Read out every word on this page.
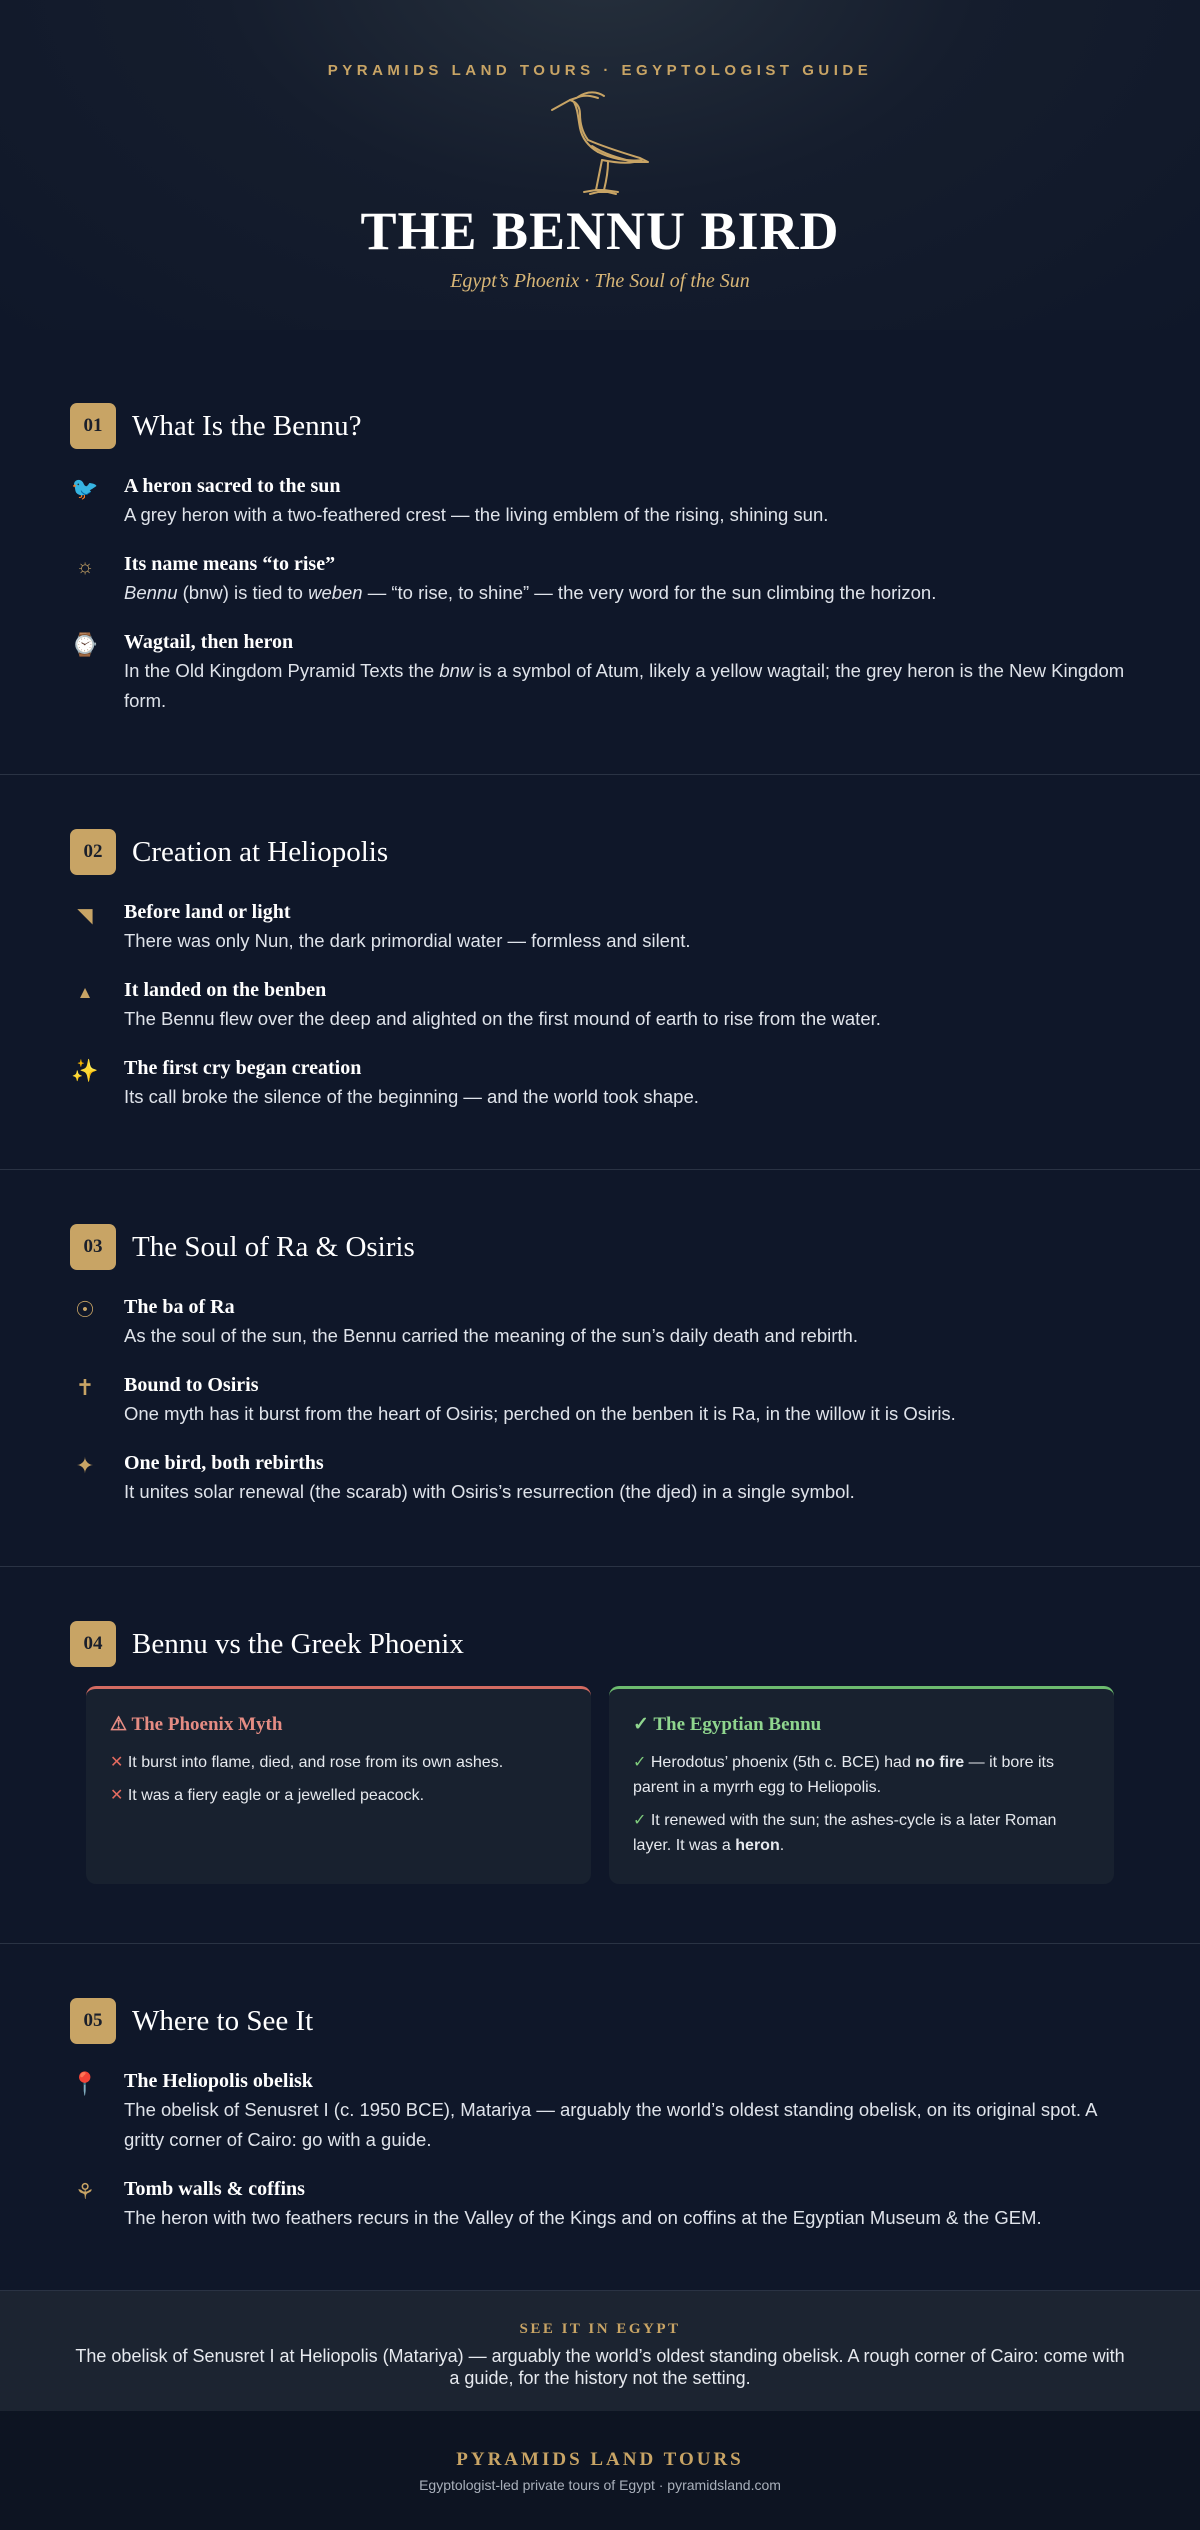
PYRAMIDS LAND TOURS · EGYPTOLOGIST GUIDE
THE BENNU BIRD
Egypt’s Phoenix · The Soul of the Sun
01	What Is the Bennu?
🐦 A heron sacred to the sun
A grey heron with a two-feathered crest — the living emblem of the rising, shining sun.
☼ Its name means “to rise”
Bennu (bnw) is tied to weben — “to rise, to shine” — the very word for the sun climbing the horizon.
⌚ Wagtail, then heron
In the Old Kingdom Pyramid Texts the bnw is a symbol of Atum, likely a yellow wagtail; the grey heron is the New Kingdom form.
02	Creation at Heliopolis
◥	Before land or light
There was only Nun, the dark primordial water — formless and silent.
▲	It landed on the benben
The Bennu flew over the deep and alighted on the first mound of earth to rise from the water.
✨ The first cry began creation
Its call broke the silence of the beginning — and the world took shape.
03	The Soul of Ra & Osiris
☉ The ba of Ra
As the soul of the sun, the Bennu carried the meaning of the sun’s daily death and rebirth.
✝ Bound to Osiris
One myth has it burst from the heart of Osiris; perched on the benben it is Ra, in the willow it is Osiris.
✦ One bird, both rebirths
It unites solar renewal (the scarab) with Osiris’s resurrection (the djed) in a single symbol.
04	Bennu vs the Greek Phoenix
⚠ The Phoenix Myth
✕ It burst into flame, died, and rose from its own ashes.
✕ It was a fiery eagle or a jewelled peacock.
✓ The Egyptian Bennu
✓ Herodotus’ phoenix (5th c. BCE) had no fire — it bore its parent in a myrrh egg to Heliopolis.
✓ It renewed with the sun; the ashes-cycle is a later Roman layer. It was a heron.
05	Where to See It
📍 The Heliopolis obelisk
The obelisk of Senusret I (c. 1950 BCE), Matariya — arguably the world’s oldest standing obelisk, on its original spot. A gritty corner of Cairo: go with a guide.
⚘ Tomb walls & coffins
The heron with two feathers recurs in the Valley of the Kings and on coffins at the Egyptian Museum & the GEM.
SEE IT IN EGYPT
The obelisk of Senusret I at Heliopolis (Matariya) — arguably the world’s oldest standing obelisk. A rough corner of Cairo: come with a guide, for the history not the setting.
PYRAMIDS LAND TOURS
Egyptologist-led private tours of Egypt · pyramidsland.com
